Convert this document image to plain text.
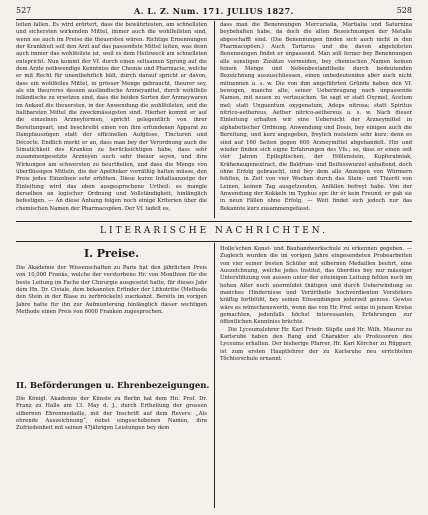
527	A. L. Z. Num. 171. JULIUS 1827.	528

leiten fallen. Es wird erörtert, dass die bewährtesten, am schnellsten und sichersten wirkenden Mittel, immer auch die wohlfeilsten sind, wenn sie auch im Preise die theuersten wären. Richtige Ernennungen der Krankheit soll den Arzt auf das passendste Mittel leiten, was denn auch immer das wohlfeilste ist, weil es dem Heilzweck am schnellsten entspricht. Nun kommt der Vf. durch einen seltsamen Sprung auf die dem Arzte nothwendige Kenntniss der Chemie und Pharmacie, welche er mit Recht für unentbehrlich hält, durch darauf spricht er davon, dass ein wohlfeiles Mittel, in grösser Menge gebraucht, theurer sey, als ein theureres dessen ausländische Arzneyanitel, durch wohlfeile inländische zu ersetzen sind, dass die beiden Sorten der Arzneywaren im Ankauf die theuersten, in der Anwendung die wohlfeilsten, und die haltbarsten Mittel die zweckmässigsten sind. Hierher kommt er auf die einzelnen Arzneyformen, spricht gelegentlich von ihrer Bereitungsart, und beschreibt einen von ihm erfundenen Apparat zu Dampfauszügen statt der officinellen Aufgüsse, Tincturen und Decocte. Endlich merkt er an, dass man bey der Verordnung auch die Simulichkeit des Kranken zu berücksichtigen habe, dass sehr zusammengesetzte Arzneyen auch sehr theuer seyen, und ihre Wirkungen am schwersten zu beurtheilen, und dass die Menge von überflüssigen Mitteln, die der Apotheker vorräthig halten müsse, den Preis jedes Einzelnen sehr erhöhen. Diese kurze Inhaltsanzeige der Einleitung wird das oben ausgesprochene Urtheil: es mangle derselben an logischer Ordnung und Vollständigkeit, hinlänglich befestigen. — An diese Anhang folgen noch einige Kriterien über die chemischen Namen der Pharmacopöen. Der Vf. tadelt es,

dass man die Benennungen Mercurialia, Martialia und Saturnina beybehalten habe, da doch die alten Bezeichnungen der Metalle abgeschafft sind. (Die Benennungen finden sich auch nicht in den Pharmacopöen.) Auch Tartarus und die davon abgeleiteten Benennungen findet er unpassend. Man soll ferner bey Benennungen alle sonstigen Zusätze vermeiden, bey chemischen Namen keinen feinen Menge und Nebenbestandtheile durch bedeutenden Bezeichnung auszuschliessen, einen unbedeutenden aber auch nicht mitnennen u. s. w. Die von ihm angeführten Gründe haben den Vf. bewogen, manche alte, seiner Ueberzeugung nach unpassende Namen, mit neuen zu vertauschen. So sagt er statt Oxymel, Acetum mel; statt Unguentum oxygenatum, Adeps nitrosa; statt Spiritus nitrico-aethereus, Aether nitrico-aethereus u. s. w. Nach dieser Einleitung erhalten wir eine Uebersicht der Arzneymittel in alphabetischer Ordnung. Anwendung und Dosis, bey einigen auch die Bereitung, und kurz angegeben, freylich meistens sehr kurz: denn es sind auf 160 Seiten gegen 600 Arzneymittel abgehandelt. Hin und wieder finden sich eigne Erfahrungen des Vfs.; so, dass er einen seit vier Jahren Epileptischen, der Höllenstein, Kupferalmiak, Krähenaugenextract, die Baldrian- und Beifusswurzel anhaltend, doch ohne Erfolg gebraucht, und bey dem alle Anzeigen von Würmern fehlten, in Zeit von vier Wochen durch das Stein- und Thieröl von Leinen, keinen Tag ausgetzenden, Anfällen befreyt habe. Von der Anwendung der Kokkeln im Typhus spr. ihr er kein Freund; er gab sie in neun Fällen ohne Erfolg. — Weit findet sich jedoch nur das Bekannte kurz zusammengefasst.

LITERARISCHE NACHRICHTEN.
I. Preise.

Die Akademie der Wissenschaften zu Paris hat den jährlichen Preis von 10,000 Franks, welche der verstorbene Hr. von Monthion für die beste Leitung im Fache der Chirurgie ausgesetzt hatte, für dieses Jahr dem Hn. Dr. Civiale, dem bekannten Erfinder der Lithotritie (Methode den Stein in der Blase zu zerbröckeln) zuerkannt. Bereits im vorigen Jahre hatte für ihn zur Aufmunterung hinlänglich dieser wichtigen Methode einen Preis von 6000 Franken zugesprochen.

II. Beförderungen u. Ehrenbezeigungen.

Die Königl. Akademie der Künste zu Berlin hat dem Hn. Prof. Dr. Franz zu Halle am 13. May d. J., durch Ertheilung der grossen silbernen Ehrenmedaille, mit der Inschrift auf dem Revers: „Als ehrende Auszeichnung“, nebst eingeschobenen Namen, ihre Zufriedenheit mit seinen 47jährigen Leistungen bey dem

Holle'schen Kunst- und Bauhandwerkschule zu erkennen gegeben. — Zugleich wurden die im vorigen Jahre eingesendeten Probearbeiten von vier seiner besten Schüler mit silbernen Medaillen beehrt, eine Auszeichnung, welche jedes Institut, das überdies bey nur mässiger Unterstützung von aussen unter der eiteinigen Leitung fehlen noch im hohen Alter noch unermüdet thätigen und durch Ueberwindung so manches Hindernisse und Verurtheile hochverdienten Vorstehers kräftig fortblüht, bey seinen Einsendungen jederzeit genoss. Gewiss wäre es wünschenswerth, wenn das von Hr. Prof. seine in jenem Kreise gemachten, jedenfalls höchst interessanten, Erfahrungen zur öffentlichen Kenntniss brächte.

Die Lyceumslehrer Hr. Karl Friedr. Süpfle und Hr. Wilh. Maurer zu Karlsruhe haben den Rang und Charakter als Professoren des Lyceums erhalten. Der bisherige Pfarrer, Hr. Karl Körcher zu Rüppurr, ist zum ersten Hauptlehrer der zu Karlsruhe neu errichteten Töchterschule ernannt.
